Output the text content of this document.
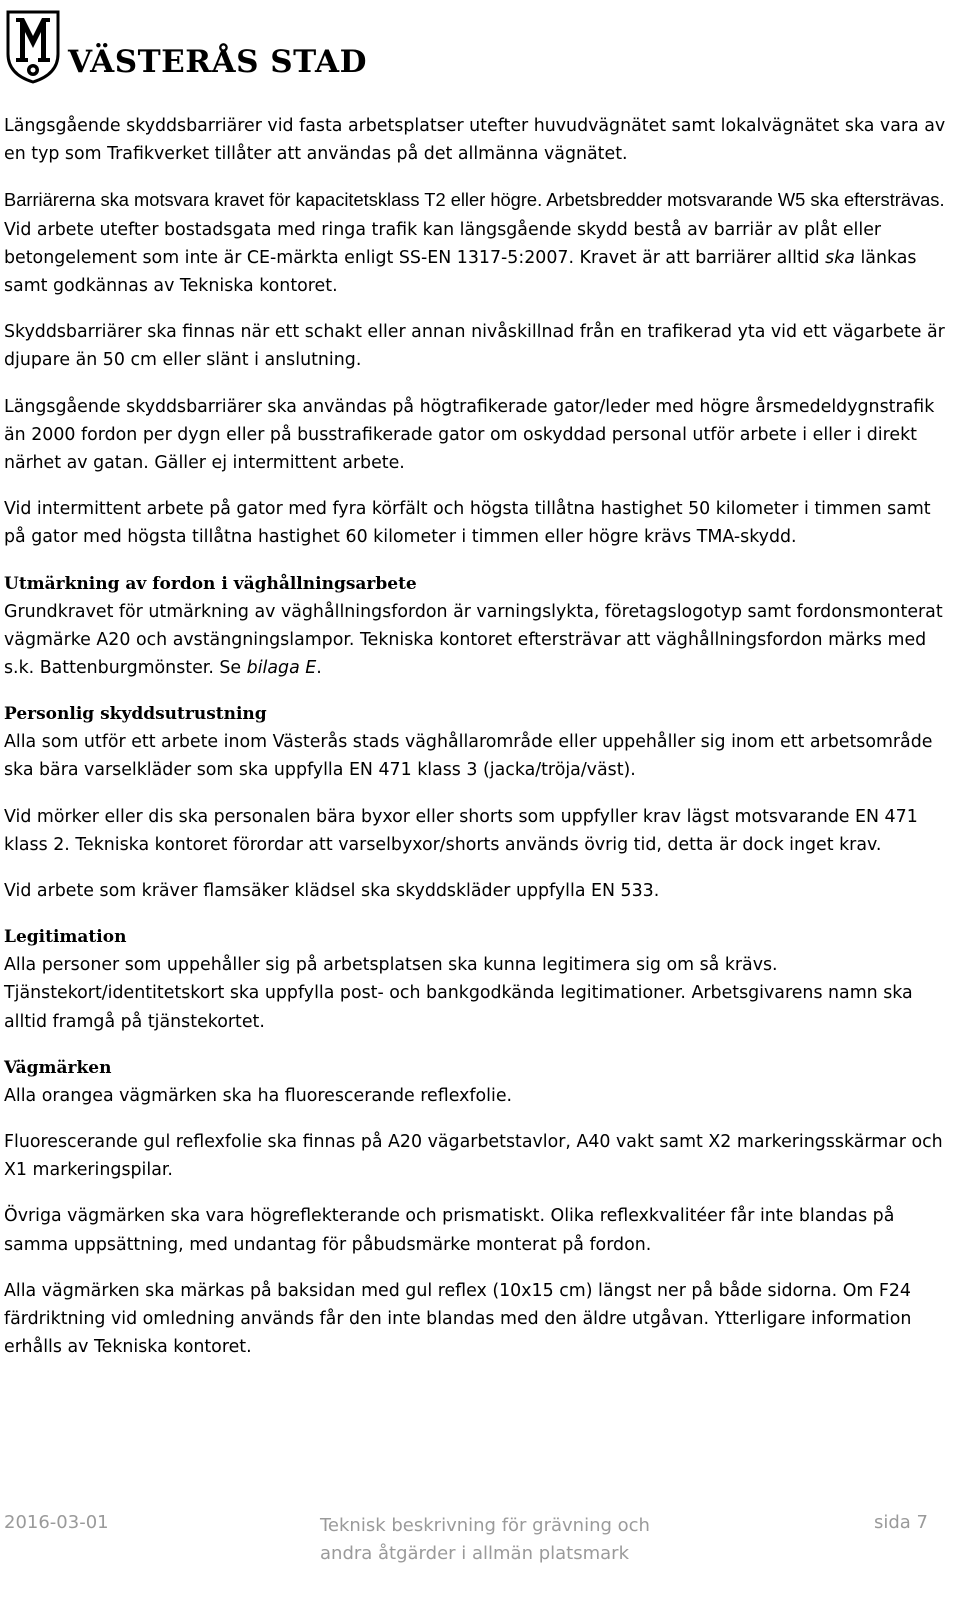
VÄSTERÅS STAD

Längsgående skyddsbarriärer vid fasta arbetsplatser utefter huvudvägnätet samt lokalvägnätet ska vara av en typ som Trafikverket tillåter att användas på det allmänna vägnätet.

Barriärerna ska motsvara kravet för kapacitetsklass T2 eller högre. Arbetsbredder motsvarande W5 ska eftersträvas. Vid arbete utefter bostadsgata med ringa trafik kan längsgående skydd bestå av barriär av plåt eller betongelement som inte är CE-märkta enligt SS-EN 1317-5:2007. Kravet är att barriärer alltid ska länkas samt godkännas av Tekniska kontoret.

Skyddsbarriärer ska finnas när ett schakt eller annan nivåskillnad från en trafikerad yta vid ett vägarbete är djupare än 50 cm eller slänt i anslutning.

Längsgående skyddsbarriärer ska användas på högtrafikerade gator/leder med högre årsmedeldygnstrafik än 2000 fordon per dygn eller på busstrafikerade gator om oskyddad personal utför arbete i eller i direkt närhet av gatan. Gäller ej intermittent arbete.

Vid intermittent arbete på gator med fyra körfält och högsta tillåtna hastighet 50 kilometer i timmen samt på gator med högsta tillåtna hastighet 60 kilometer i timmen eller högre krävs TMA-skydd.

Utmärkning av fordon i väghållningsarbete

Grundkravet för utmärkning av väghållningsfordon är varningslykta, företagslogotyp samt fordonsmonterat vägmärke A20 och avstängningslampor. Tekniska kontoret eftersträvar att väghållningsfordon märks med s.k. Battenburgmönster. Se bilaga E.

Personlig skyddsutrustning

Alla som utför ett arbete inom Västerås stads väghållarområde eller uppehåller sig inom ett arbetsområde ska bära varselkläder som ska uppfylla EN 471 klass 3 (jacka/tröja/väst).

Vid mörker eller dis ska personalen bära byxor eller shorts som uppfyller krav lägst motsvarande EN 471 klass 2. Tekniska kontoret förordar att varselbyxor/shorts används övrig tid, detta är dock inget krav.

Vid arbete som kräver flamsäker klädsel ska skyddskläder uppfylla EN 533.

Legitimation

Alla personer som uppehåller sig på arbetsplatsen ska kunna legitimera sig om så krävs. Tjänstekort/identitetskort ska uppfylla post- och bankgodkända legitimationer. Arbetsgivarens namn ska alltid framgå på tjänstekortet.

Vägmärken

Alla orangea vägmärken ska ha fluorescerande reflexfolie.

Fluorescerande gul reflexfolie ska finnas på A20 vägarbetstavlor, A40 vakt samt X2 markeringsskärmar och X1 markeringspilar.

Övriga vägmärken ska vara högreflekterande och prismatiskt. Olika reflexkvalitéer får inte blandas på samma uppsättning, med undantag för påbudsmärke monterat på fordon.

Alla vägmärken ska märkas på baksidan med gul reflex (10x15 cm) längst ner på både sidorna. Om F24 färdriktning vid omledning används får den inte blandas med den äldre utgåvan. Ytterligare information erhålls av Tekniska kontoret.

2016-03-01	Teknisk beskrivning för grävning och andra åtgärder i allmän platsmark
sida 7
